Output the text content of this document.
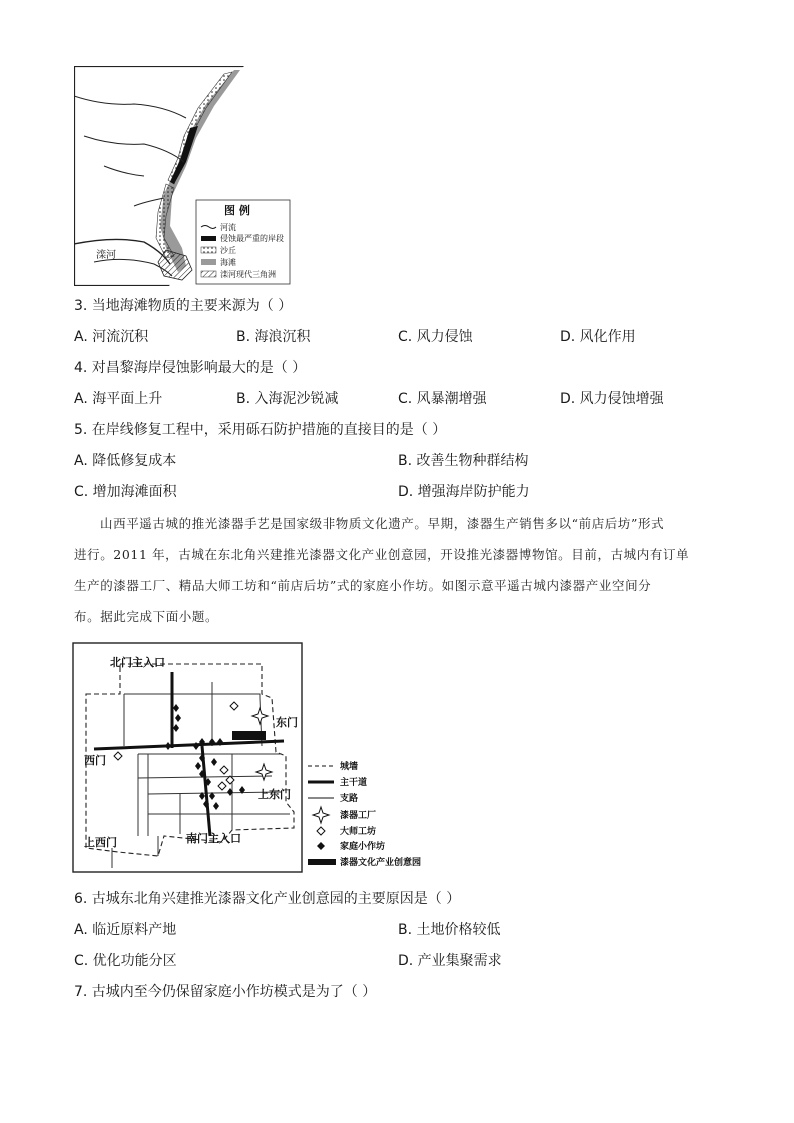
滦河
图 例
河流
侵蚀最严重的岸段
沙丘
海滩
滦河现代三角洲
3. 当地海滩物质的主要来源为（ ）
A. 河流沉积	B. 海浪沉积	C. 风力侵蚀	D. 风化作用
4. 对昌黎海岸侵蚀影响最大的是（ ）
A. 海平面上升	B. 入海泥沙锐减	C. 风暴潮增强	D. 风力侵蚀增强
5. 在岸线修复工程中，采用砾石防护措施的直接目的是（ ）
A. 降低修复成本	B. 改善生物种群结构
C. 增加海滩面积	D. 增强海岸防护能力
山西平遥古城的推光漆器手艺是国家级非物质文化遗产。早期，漆器生产销售多以“前店后坊”形式
进行。2011 年，古城在东北角兴建推光漆器文化产业创意园，开设推光漆器博物馆。目前，古城内有订单
生产的漆器工厂、精品大师工坊和“前店后坊”式的家庭小作坊。如图示意平遥古城内漆器产业空间分
布。据此完成下面小题。
北门主入口
东门
西门
上东门
上西门	南门主入口
城墙
主干道
支路
漆器工厂
大师工坊
家庭小作坊
漆器文化产业创意园
6. 古城东北角兴建推光漆器文化产业创意园的主要原因是（ ）
A. 临近原料产地	B. 土地价格较低
C. 优化功能分区	D. 产业集聚需求
7. 古城内至今仍保留家庭小作坊模式是为了（ ）
